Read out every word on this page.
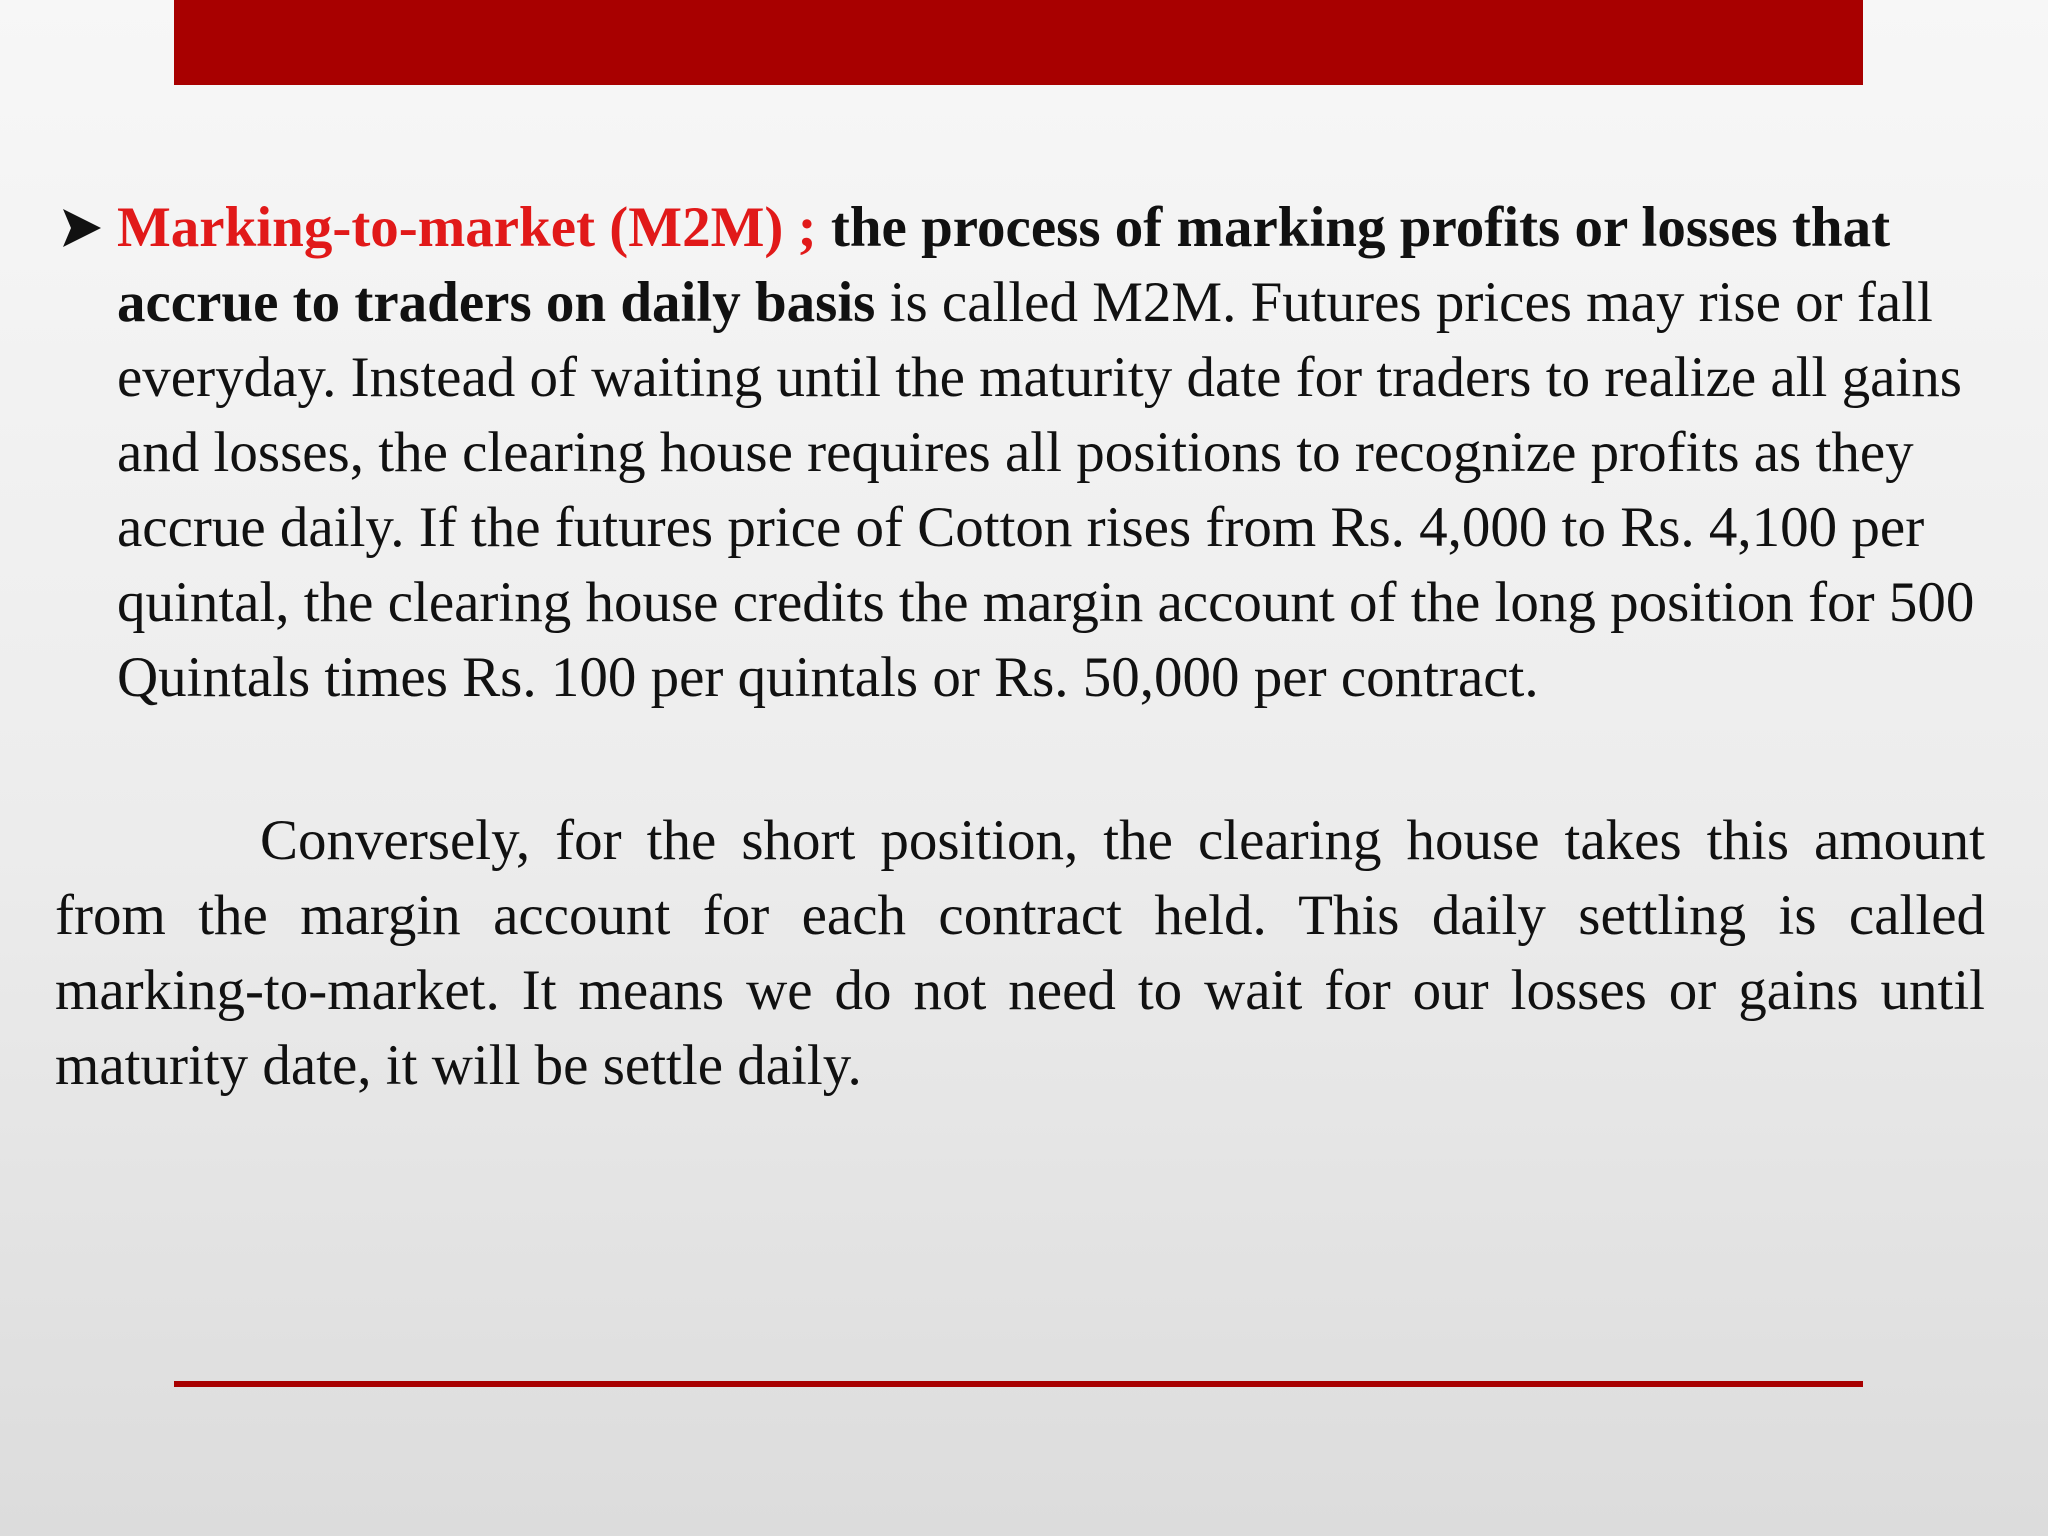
Marking-to-market (M2M) ; the process of marking profits or losses that accrue to traders on daily basis is called M2M. Futures prices may rise or fall everyday. Instead of waiting until the maturity date for traders to realize all gains and losses, the clearing house requires all positions to recognize profits as they accrue daily. If the futures price of Cotton rises from Rs. 4,000 to Rs. 4,100 per quintal, the clearing house credits the margin account of the long position for 500 Quintals times Rs. 100 per quintals or Rs. 50,000 per contract.

Conversely, for the short position, the clearing house takes this amount from the margin account for each contract held. This daily settling is called marking-to-market. It means we do not need to wait for our losses or gains until maturity date, it will be settle daily.
